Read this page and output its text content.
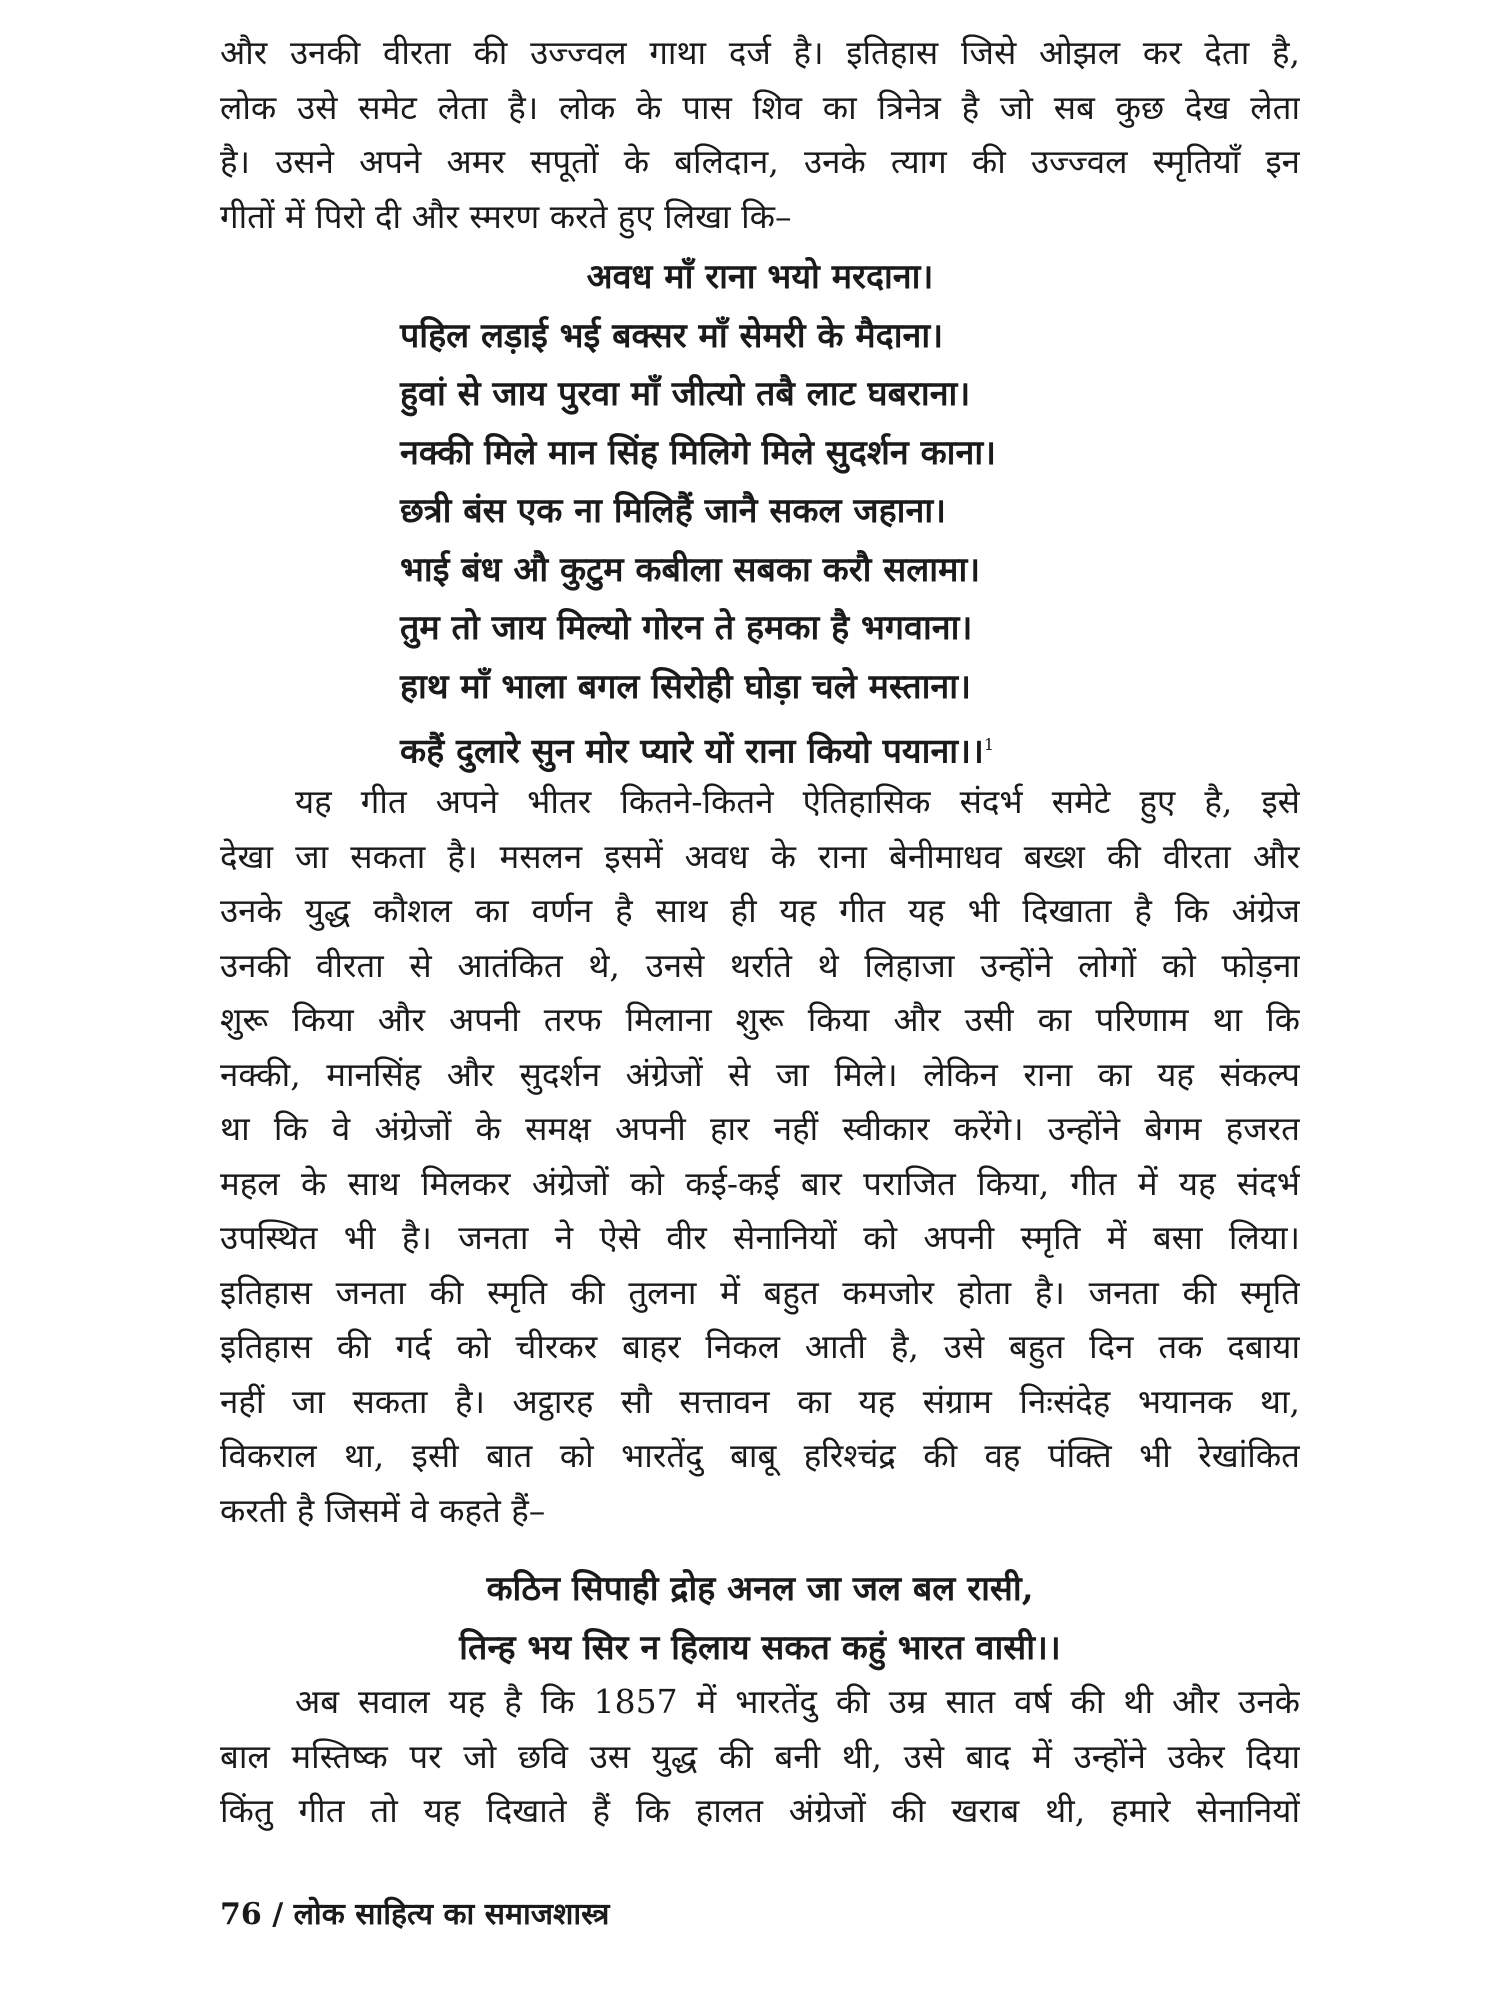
और उनकी वीरता की उज्ज्वल गाथा दर्ज है। इतिहास जिसे ओझल कर देता है,
लोक उसे समेट लेता है। लोक के पास शिव का त्रिनेत्र है जो सब कुछ देख लेता
है। उसने अपने अमर सपूतों के बलिदान, उनके त्याग की उज्ज्वल स्मृतियाँ इन
गीतों में पिरो दी और स्मरण करते हुए लिखा कि–
अवध माँ राना भयो मरदाना।
पहिल लड़ाई भई बक्सर माँ सेमरी के मैदाना।
हुवां से जाय पुरवा माँ जीत्यो तबै लाट घबराना।
नक्की मिले मान सिंह मिलिगे मिले सुदर्शन काना।
छत्री बंस एक ना मिलिहैं जानै सकल जहाना।
भाई बंध औ कुटुम कबीला सबका करौ सलामा।
तुम तो जाय मिल्यो गोरन ते हमका है भगवाना।
हाथ माँ भाला बगल सिरोही घोड़ा चले मस्ताना।
कहैं दुलारे सुन मोर प्यारे यों राना कियो पयाना।।$^1$
यह गीत अपने भीतर कितने-कितने ऐतिहासिक संदर्भ समेटे हुए है, इसे
देखा जा सकता है। मसलन इसमें अवध के राना बेनीमाधव बख्श की वीरता और
उनके युद्ध कौशल का वर्णन है साथ ही यह गीत यह भी दिखाता है कि अंग्रेज
उनकी वीरता से आतंकित थे, उनसे थर्राते थे लिहाजा उन्होंने लोगों को फोड़ना
शुरू किया और अपनी तरफ मिलाना शुरू किया और उसी का परिणाम था कि
नक्की, मानसिंह और सुदर्शन अंग्रेजों से जा मिले। लेकिन राना का यह संकल्प
था कि वे अंग्रेजों के समक्ष अपनी हार नहीं स्वीकार करेंगे। उन्होंने बेगम हजरत
महल के साथ मिलकर अंग्रेजों को कई-कई बार पराजित किया, गीत में यह संदर्भ
उपस्थित भी है। जनता ने ऐसे वीर सेनानियों को अपनी स्मृति में बसा लिया।
इतिहास जनता की स्मृति की तुलना में बहुत कमजोर होता है। जनता की स्मृति
इतिहास की गर्द को चीरकर बाहर निकल आती है, उसे बहुत दिन तक दबाया
नहीं जा सकता है। अट्ठारह सौ सत्तावन का यह संग्राम निःसंदेह भयानक था,
विकराल था, इसी बात को भारतेंदु बाबू हरिश्चंद्र की वह पंक्ति भी रेखांकित
करती है जिसमें वे कहते हैं–
कठिन सिपाही द्रोह अनल जा जल बल रासी,
तिन्ह भय सिर न हिलाय सकत कहुं भारत वासी।।
अब सवाल यह है कि 1857 में भारतेंदु की उम्र सात वर्ष की थी और उनके
बाल मस्तिष्क पर जो छवि उस युद्ध की बनी थी, उसे बाद में उन्होंने उकेर दिया
किंतु गीत तो यह दिखाते हैं कि हालत अंग्रेजों की खराब थी, हमारे सेनानियों
76 / लोक साहित्य का समाजशास्त्र
